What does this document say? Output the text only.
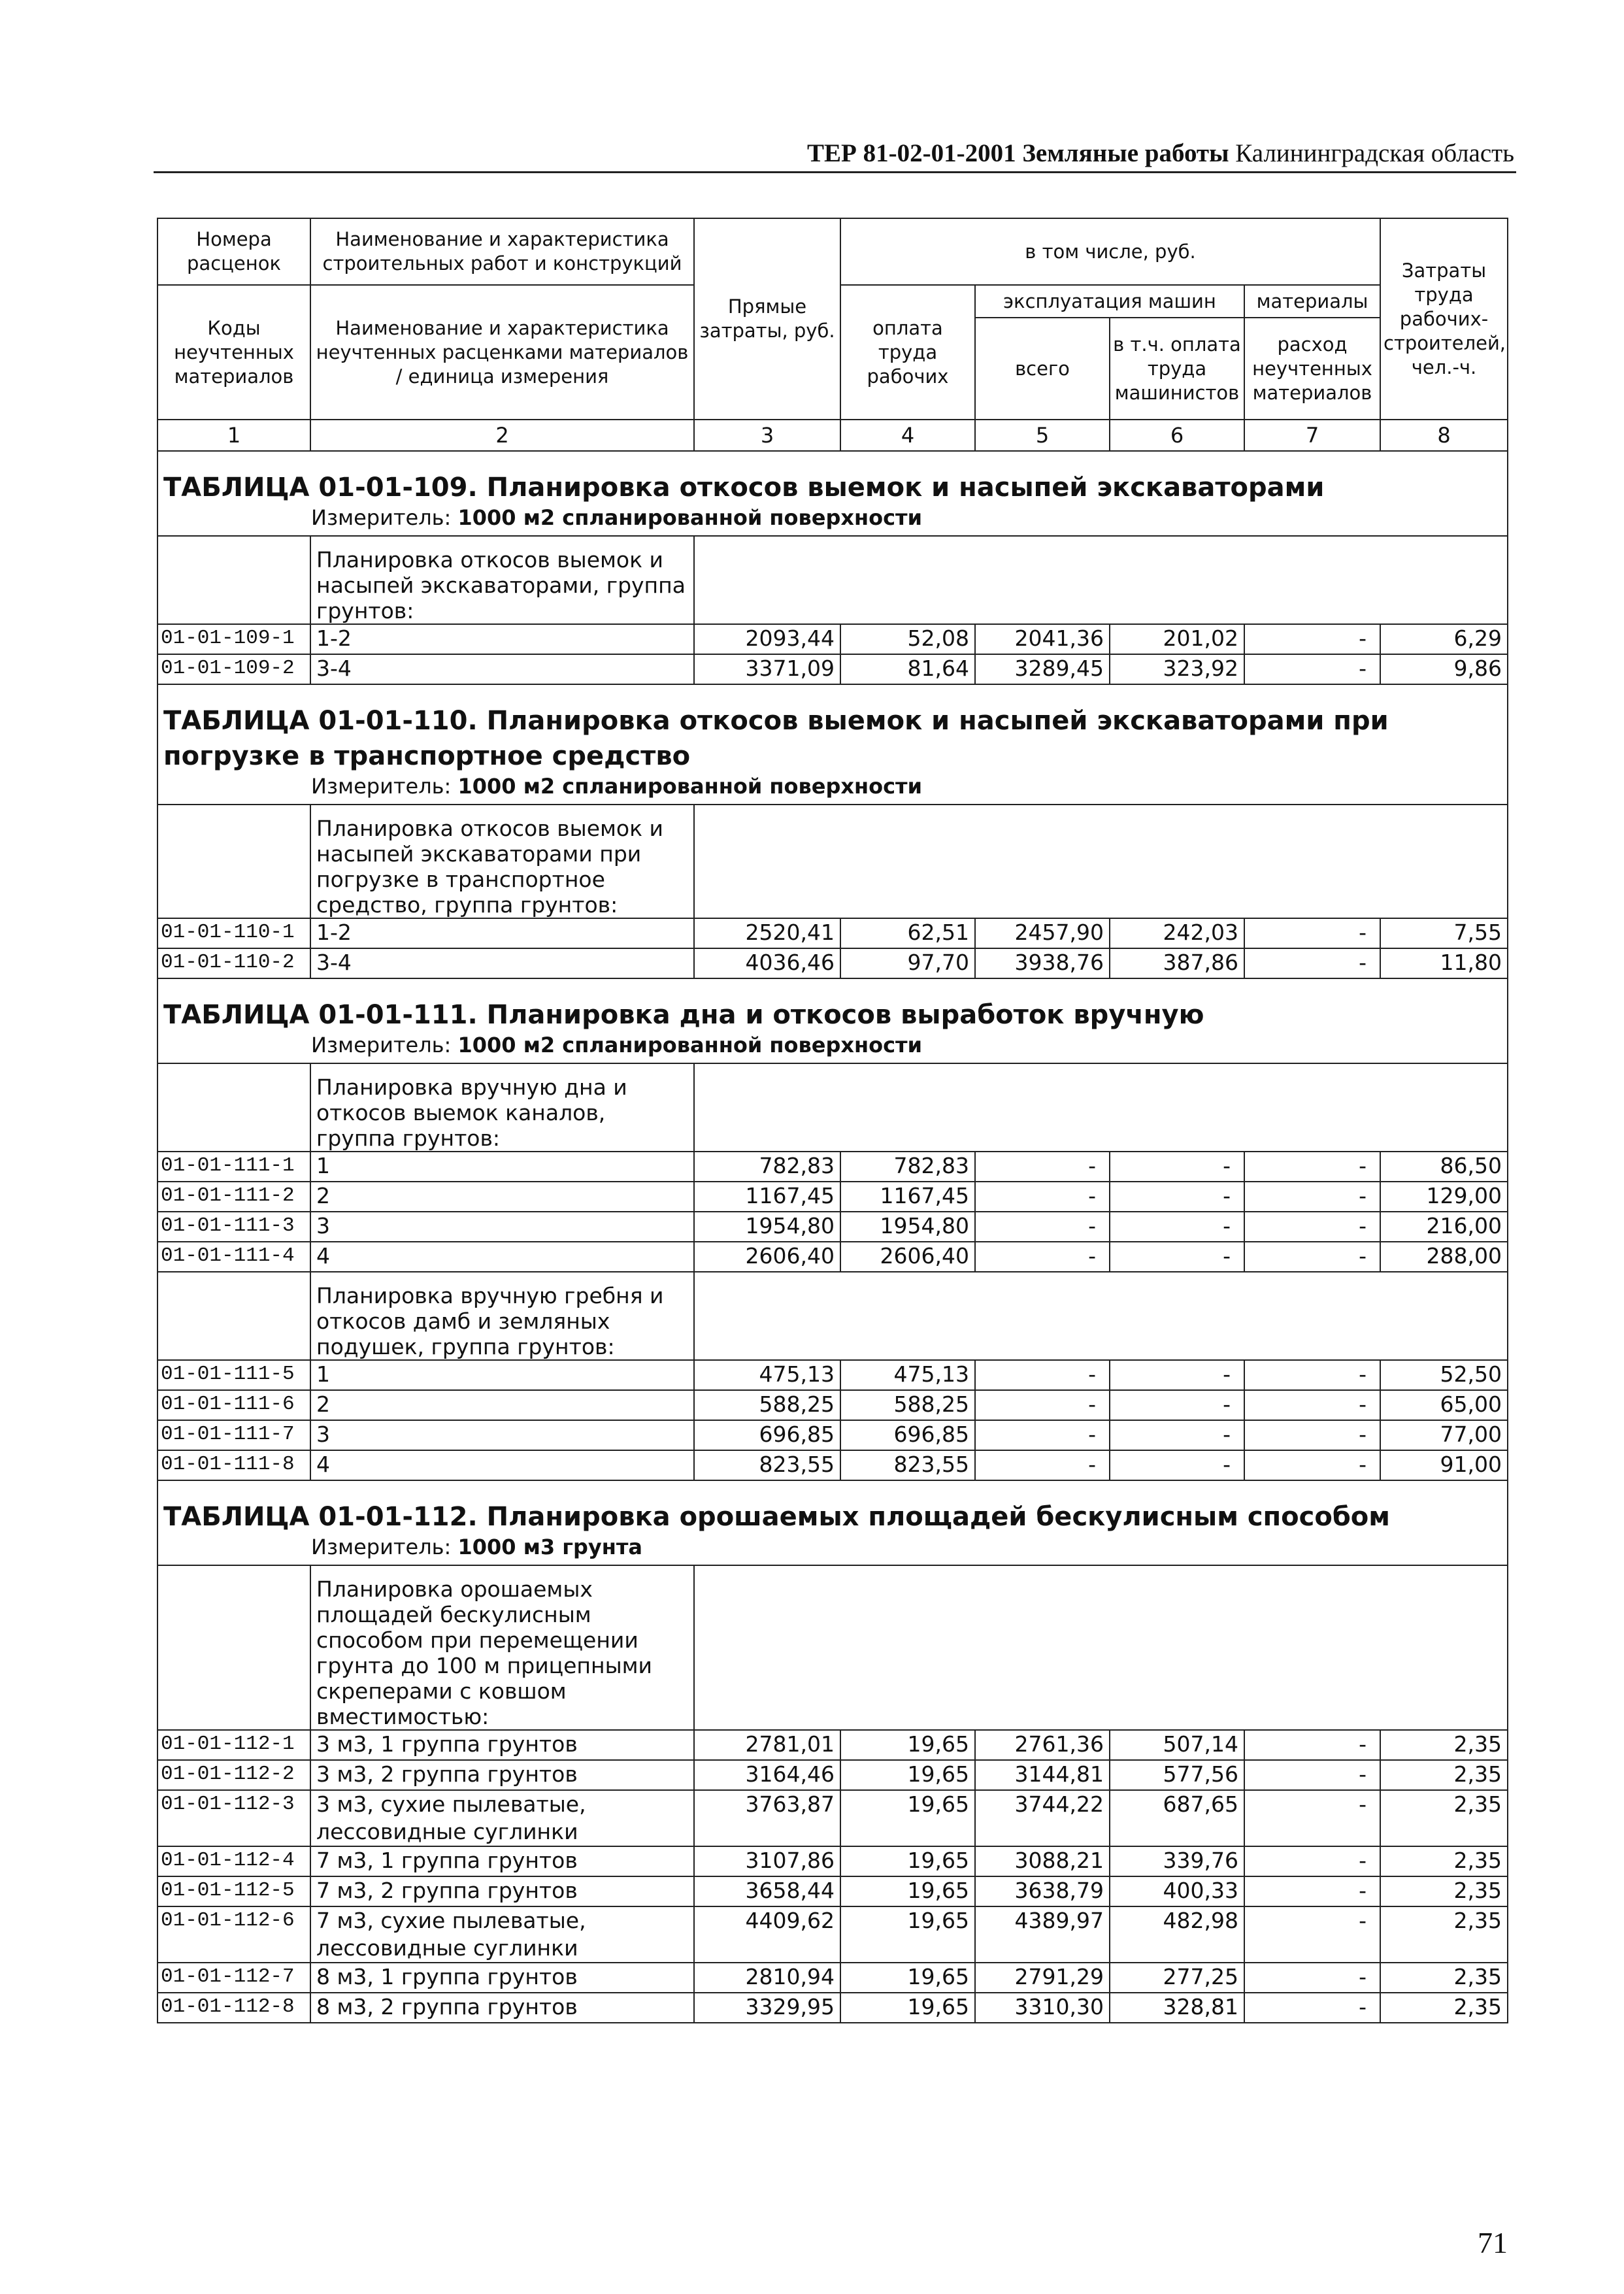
ТЕР 81-02-01-2001 Земляные работы Калининградская область
Номера расценок	Наименование и характеристика строительных работ и конструкций	Прямые затраты, руб.	в том числе, руб.				Затраты труда рабочих-строителей, чел.-ч.
Коды неучтенных материалов	Наименование и характеристика неучтенных расценками материалов / единица измерения		оплата труда рабочих	эксплуатация машин		материалы	
				всего	в т.ч. оплата труда машинистов	расход неучтенных материалов	

1	2	3	4	5	6	7	8
ТАБЛИЦА 01-01-109. Планировка откосов выемок и насыпей экскаваторами							
Измеритель: 1000 м2 спланированной поверхности							
	Планировка откосов выемок и насыпей экскаваторами, группа грунтов:						
01-01-109-1	1-2	2093,44	52,08	2041,36	201,02	-	6,29
01-01-109-2	3-4	3371,09	81,64	3289,45	323,92	-	9,86
ТАБЛИЦА 01-01-110. Планировка откосов выемок и насыпей экскаваторами при погрузке в транспортное средство							
Измеритель: 1000 м2 спланированной поверхности							
	Планировка откосов выемок и насыпей экскаваторами при погрузке в транспортное средство, группа грунтов:						
01-01-110-1	1-2	2520,41	62,51	2457,90	242,03	-	7,55
01-01-110-2	3-4	4036,46	97,70	3938,76	387,86	-	11,80
ТАБЛИЦА 01-01-111. Планировка дна и откосов выработок вручную							
Измеритель: 1000 м2 спланированной поверхности							
	Планировка вручную дна и откосов выемок каналов, группа грунтов:						
01-01-111-1	1	782,83	782,83	-	-	-	86,50
01-01-111-2	2	1167,45	1167,45	-	-	-	129,00
01-01-111-3	3	1954,80	1954,80	-	-	-	216,00
01-01-111-4	4	2606,40	2606,40	-	-	-	288,00
	Планировка вручную гребня и откосов дамб и земляных подушек, группа грунтов:						
01-01-111-5	1	475,13	475,13	-	-	-	52,50
01-01-111-6	2	588,25	588,25	-	-	-	65,00
01-01-111-7	3	696,85	696,85	-	-	-	77,00
01-01-111-8	4	823,55	823,55	-	-	-	91,00
ТАБЛИЦА 01-01-112. Планировка орошаемых площадей бескулисным способом							
Измеритель: 1000 м3 грунта							
	Планировка орошаемых площадей бескулисным способом при перемещении грунта до 100 м прицепными скреперами с ковшом вместимостью:						
01-01-112-1	3 м3, 1 группа грунтов	2781,01	19,65	2761,36	507,14	-	2,35
01-01-112-2	3 м3, 2 группа грунтов	3164,46	19,65	3144,81	577,56	-	2,35
01-01-112-3	3 м3, сухие пылеватые, лессовидные суглинки	3763,87	19,65	3744,22	687,65	-	2,35
01-01-112-4	7 м3, 1 группа грунтов	3107,86	19,65	3088,21	339,76	-	2,35
01-01-112-5	7 м3, 2 группа грунтов	3658,44	19,65	3638,79	400,33	-	2,35
01-01-112-6	7 м3, сухие пылеватые, лессовидные суглинки	4409,62	19,65	4389,97	482,98	-	2,35
01-01-112-7	8 м3, 1 группа грунтов	2810,94	19,65	2791,29	277,25	-	2,35
01-01-112-8	8 м3, 2 группа грунтов	3329,95	19,65	3310,30	328,81	-	2,35
71
